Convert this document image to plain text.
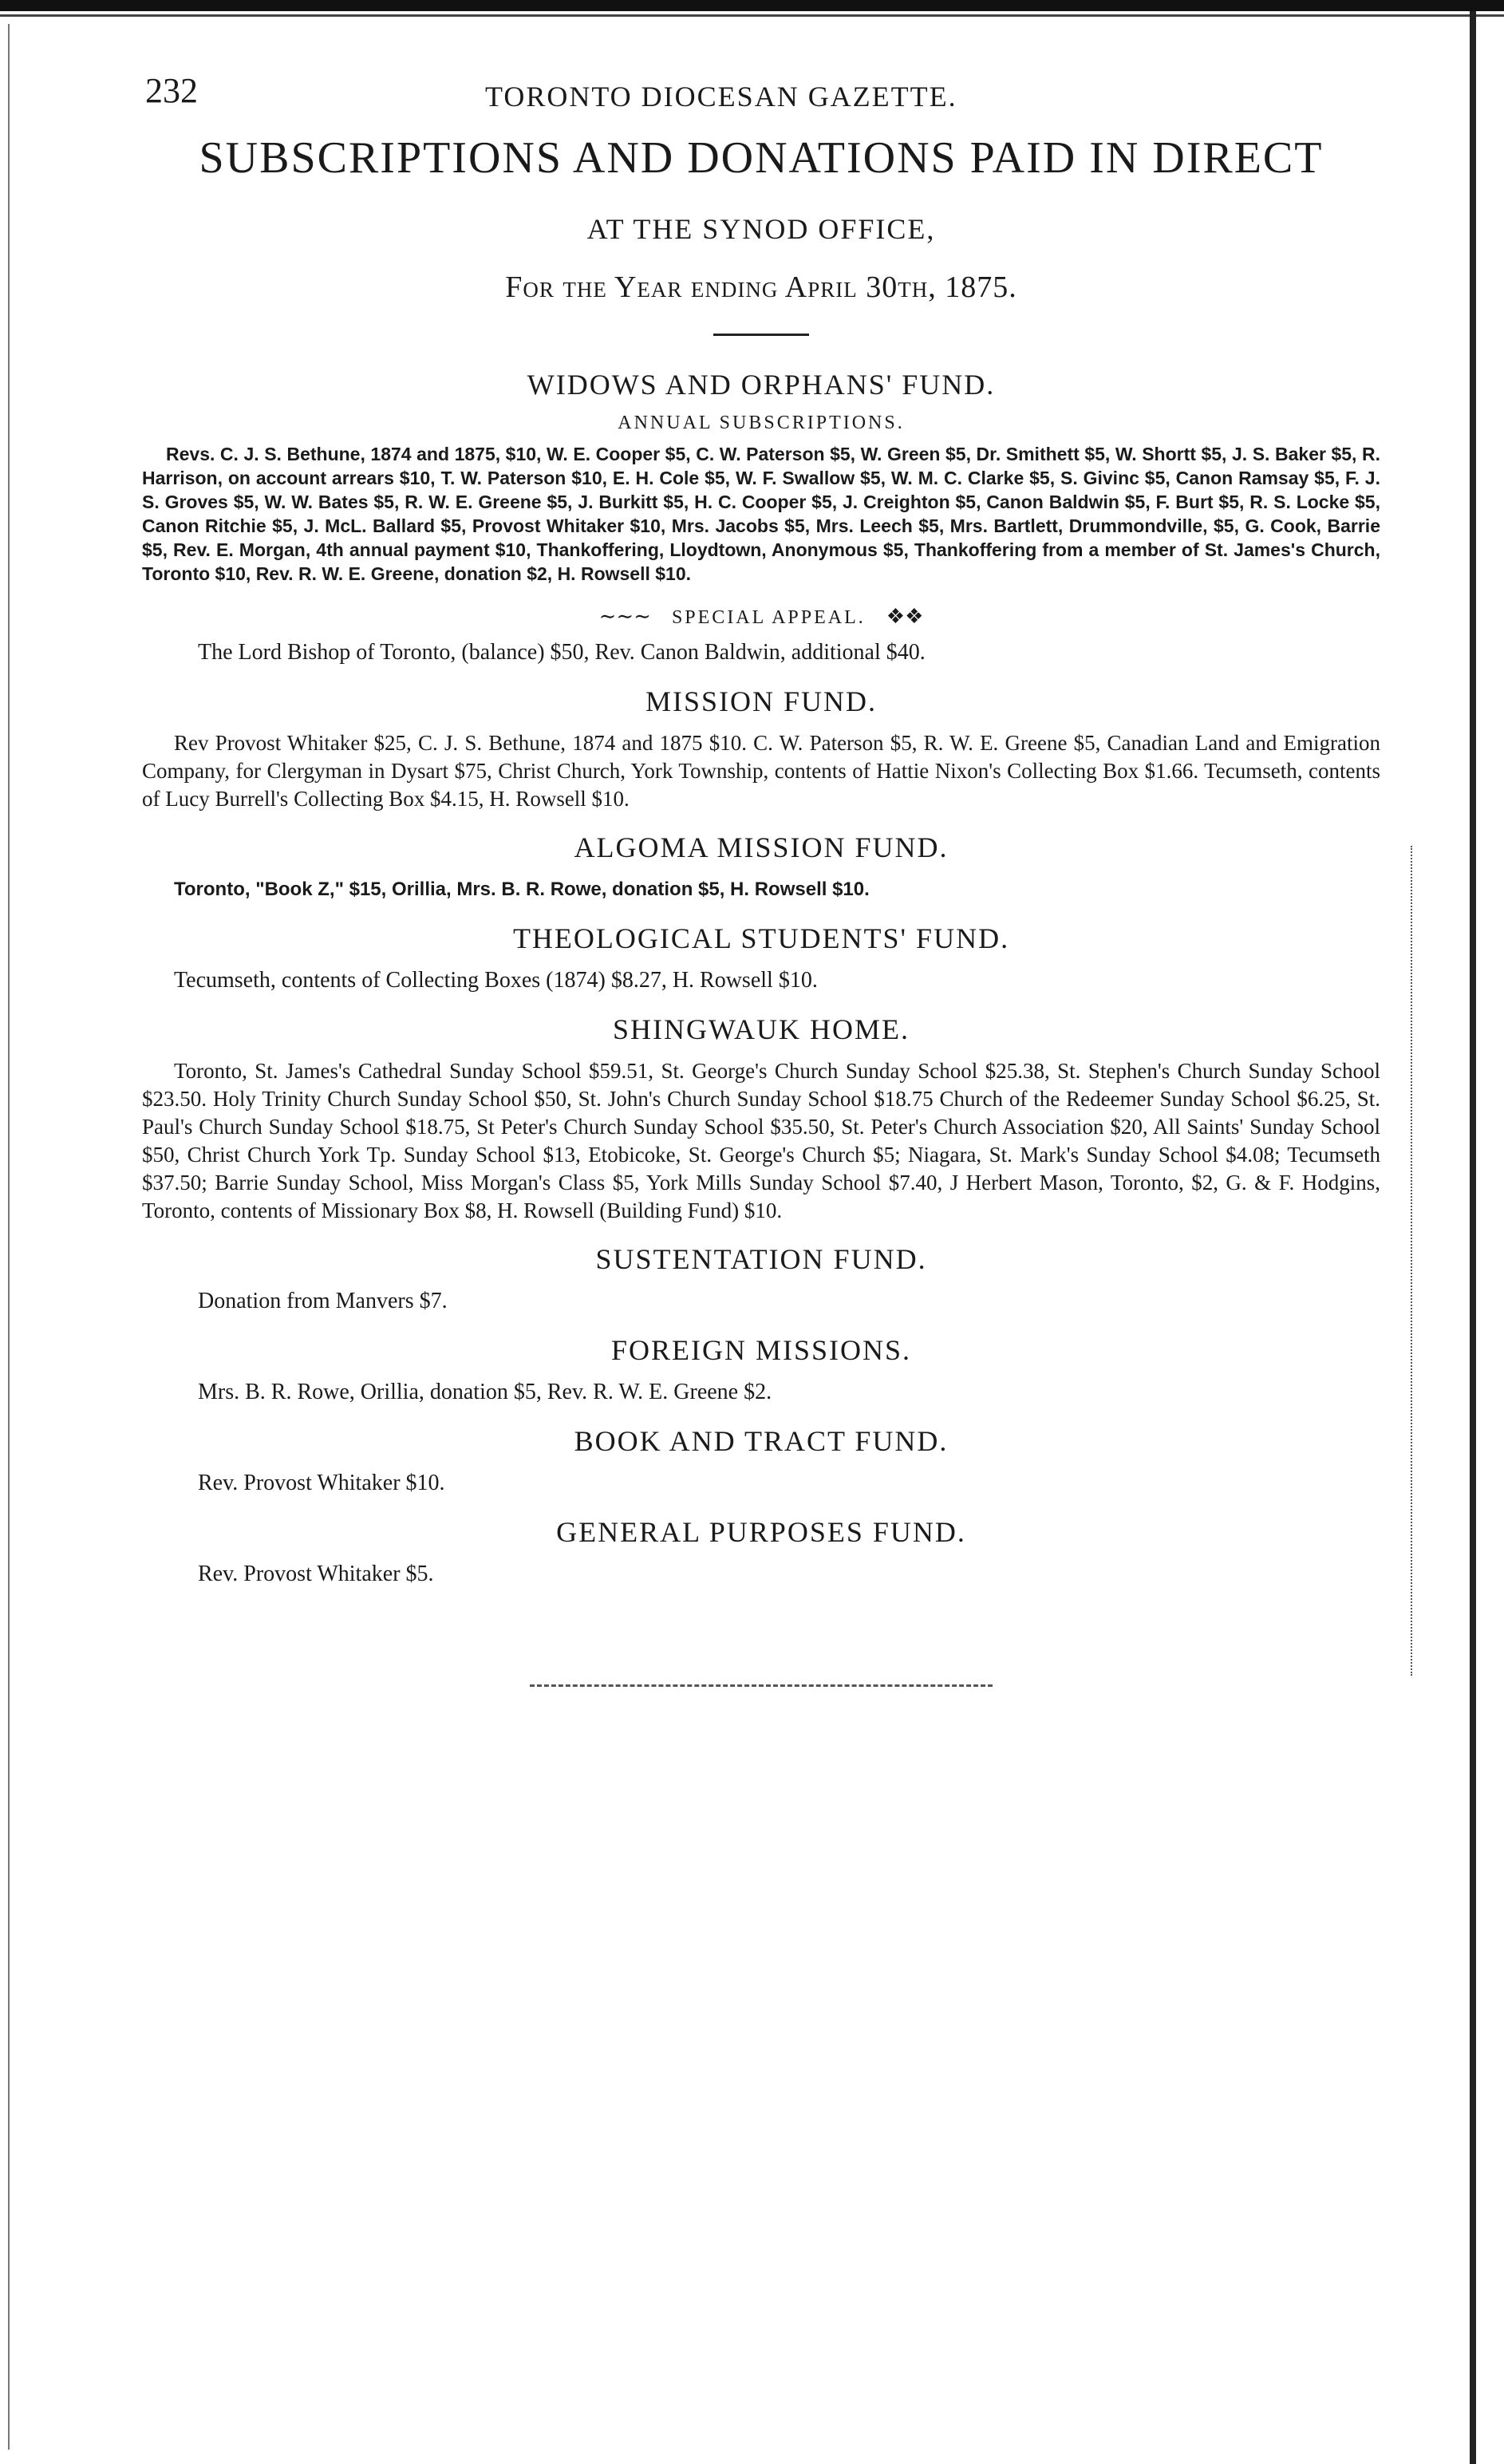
232	TORONTO DIOCESAN GAZETTE.
SUBSCRIPTIONS AND DONATIONS PAID IN DIRECT
AT THE SYNOD OFFICE,
For the Year ending April 30th, 1875.
WIDOWS AND ORPHANS' FUND.
ANNUAL SUBSCRIPTIONS.

Revs. C. J. S. Bethune, 1874 and 1875, $10, W. E. Cooper $5, C. W. Paterson $5, W. Green $5, Dr. Smithett $5, W. Shortt $5, J. S. Baker $5, R. Harrison, on account arrears $10, T. W. Paterson $10, E. H. Cole $5, W. F. Swallow $5, W. M. C. Clarke $5, S. Givinc $5, Canon Ramsay $5, F. J. S. Groves $5, W. W. Bates $5, R. W. E. Greene $5, J. Burkitt $5, H. C. Cooper $5, J. Creighton $5, Canon Baldwin $5, F. Burt $5, R. S. Locke $5, Canon Ritchie $5, J. McL. Ballard $5, Provost Whitaker $10, Mrs. Jacobs $5, Mrs. Leech $5, Mrs. Bartlett, Drummondville, $5, G. Cook, Barrie $5, Rev. E. Morgan, 4th annual payment $10, Thankoffering, Lloydtown, Anonymous $5, Thankoffering from a member of St. James's Church, Toronto $10, Rev. R. W. E. Greene, donation $2, H. Rowsell $10.

∼∼∼ SPECIAL APPEAL. ❖❖

The Lord Bishop of Toronto, (balance) $50, Rev. Canon Baldwin, additional $40.

MISSION FUND.

Rev Provost Whitaker $25, C. J. S. Bethune, 1874 and 1875 $10. C. W. Paterson $5, R. W. E. Greene $5, Canadian Land and Emigration Company, for Clergyman in Dysart $75, Christ Church, York Township, contents of Hattie Nixon's Collecting Box $1.66. Tecumseth, contents of Lucy Burrell's Collecting Box $4.15, H. Rowsell $10.

ALGOMA MISSION FUND.

Toronto, "Book Z," $15, Orillia, Mrs. B. R. Rowe, donation $5, H. Rowsell $10.

THEOLOGICAL STUDENTS' FUND.

Tecumseth, contents of Collecting Boxes (1874) $8.27, H. Rowsell $10.

SHINGWAUK HOME.

Toronto, St. James's Cathedral Sunday School $59.51, St. George's Church Sunday School $25.38, St. Stephen's Church Sunday School $23.50. Holy Trinity Church Sunday School $50, St. John's Church Sunday School $18.75 Church of the Redeemer Sunday School $6.25, St. Paul's Church Sunday School $18.75, St Peter's Church Sunday School $35.50, St. Peter's Church Association $20, All Saints' Sunday School $50, Christ Church York Tp. Sunday School $13, Etobicoke, St. George's Church $5; Niagara, St. Mark's Sunday School $4.08; Tecumseth $37.50; Barrie Sunday School, Miss Morgan's Class $5, York Mills Sunday School $7.40, J Herbert Mason, Toronto, $2, G. & F. Hodgins, Toronto, contents of Missionary Box $8, H. Rowsell (Building Fund) $10.

SUSTENTATION FUND.

Donation from Manvers $7.

FOREIGN MISSIONS.

Mrs. B. R. Rowe, Orillia, donation $5, Rev. R. W. E. Greene $2.

BOOK AND TRACT FUND.

Rev. Provost Whitaker $10.

GENERAL PURPOSES FUND.

Rev. Provost Whitaker $5.
